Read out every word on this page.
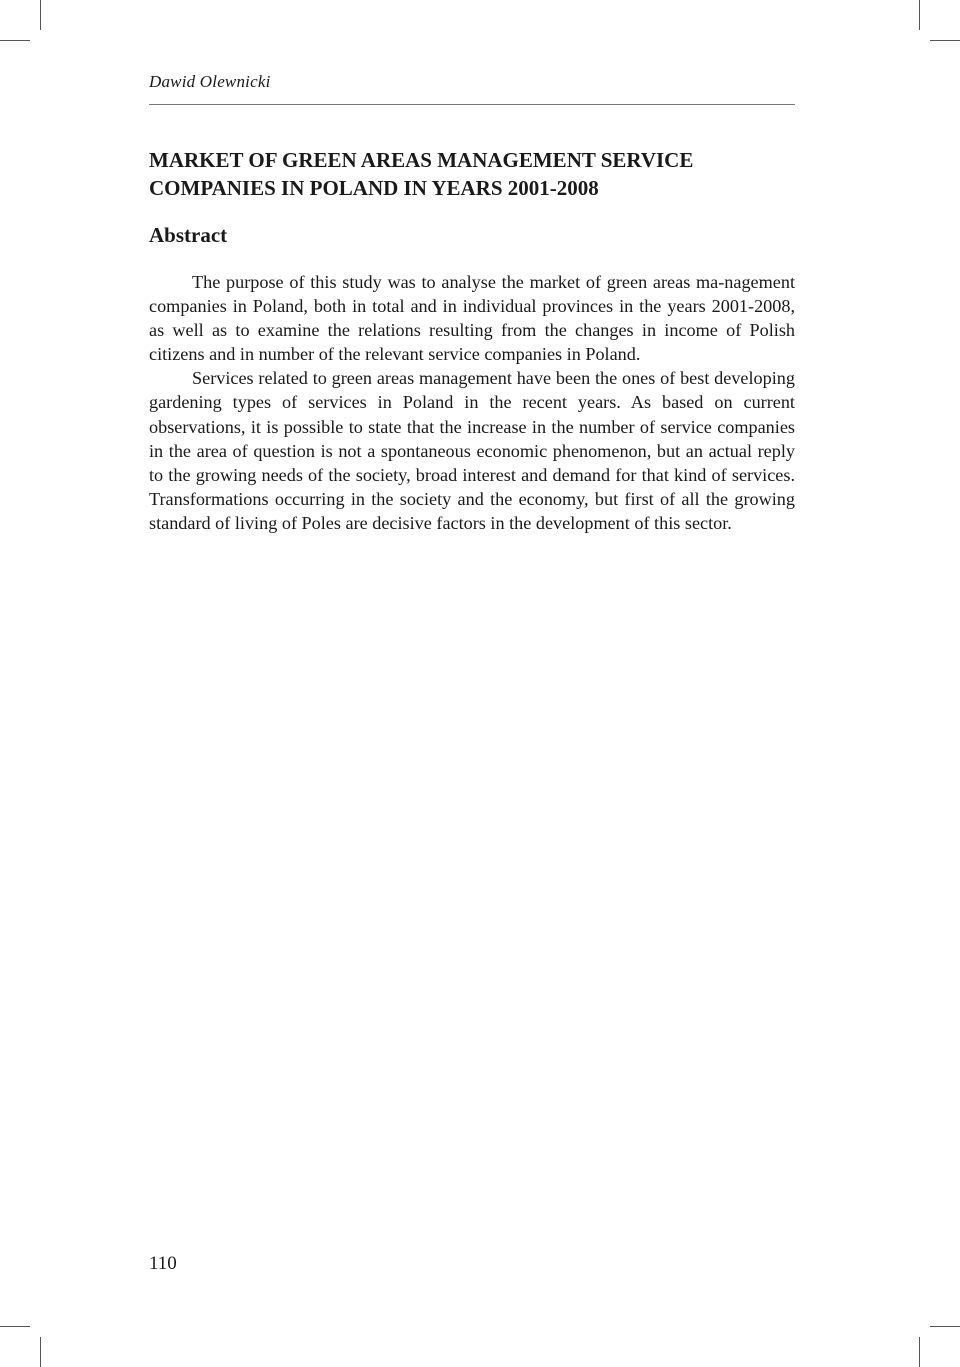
Dawid Olewnicki
MARKET OF GREEN AREAS MANAGEMENT SERVICE
COMPANIES IN POLAND IN YEARS 2001-2008
Abstract

The purpose of this study was to analyse the market of green areas ma-nagement companies in Poland, both in total and in individual provinces in the years 2001-2008, as well as to examine the relations resulting from the changes in income of Polish citizens and in number of the relevant service companies in Poland.

Services related to green areas management have been the ones of best developing gardening types of services in Poland in the recent years. As based on current observations, it is possible to state that the increase in the number of service companies in the area of question is not a spontaneous economic phenomenon, but an actual reply to the growing needs of the society, broad interest and demand for that kind of services. Transformations occurring in the society and the economy, but first of all the growing standard of living of Poles are decisive factors in the development of this sector.

110
